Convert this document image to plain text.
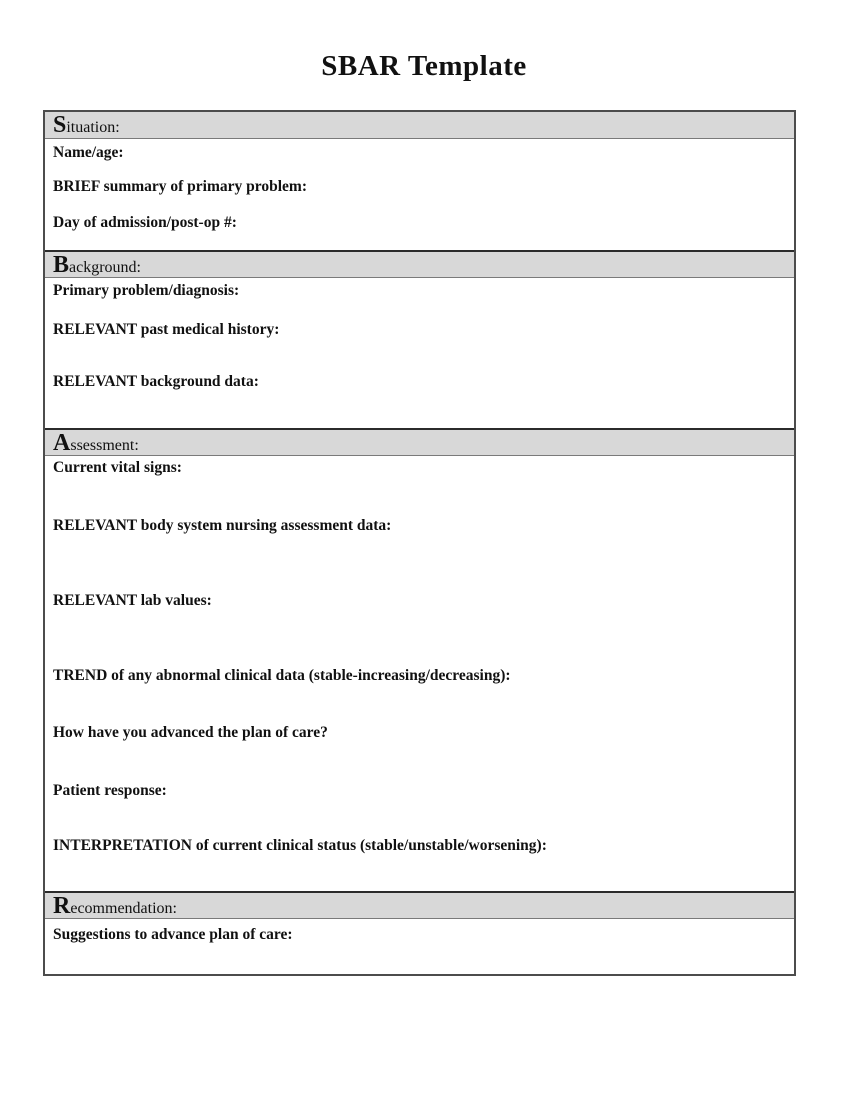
SBAR Template
Situation:

Name/age:

BRIEF summary of primary problem:

Day of admission/post-op #:

Background:

Primary problem/diagnosis:

RELEVANT past medical history:

RELEVANT background data:

Assessment:

Current vital signs:

RELEVANT body system nursing assessment data:

RELEVANT lab values:

TREND of any abnormal clinical data (stable-increasing/decreasing):

How have you advanced the plan of care?

Patient response:

INTERPRETATION of current clinical status (stable/unstable/worsening):

Recommendation:

Suggestions to advance plan of care:
